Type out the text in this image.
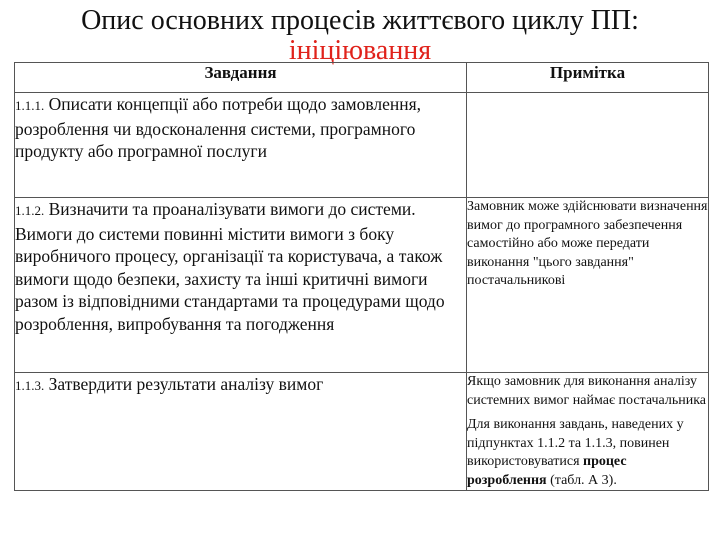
Опис основних процесів життєвого циклу ПП:
ініціювання
Завдання	Примітка
1.1.1. Описати концепції або потреби щодо замовлення, розроблення чи вдосконалення системи, програмного продукту або програмної послуги	
1.1.2. Визначити та проаналізувати вимоги до системи. Вимоги до системи повинні містити вимоги з боку виробничого процесу, організації та користувача, а також вимоги щодо безпеки, захисту та інші критичні вимоги разом із відповідними стандартами та процедурами щодо розроблення, випробування та погодження	Замовник може здійснювати визначення вимог до програмного забезпечення самостійно або може передати виконання "цього завдання" постачальникові
1.1.3. Затвердити результати аналізу вимог	Якщо замовник для виконання аналізу системних вимог наймає постачальника

Для виконання завдань, наведених у підпунктах 1.1.2 та 1.1.3, повинен використовуватися процес розроблення (табл. А 3).
